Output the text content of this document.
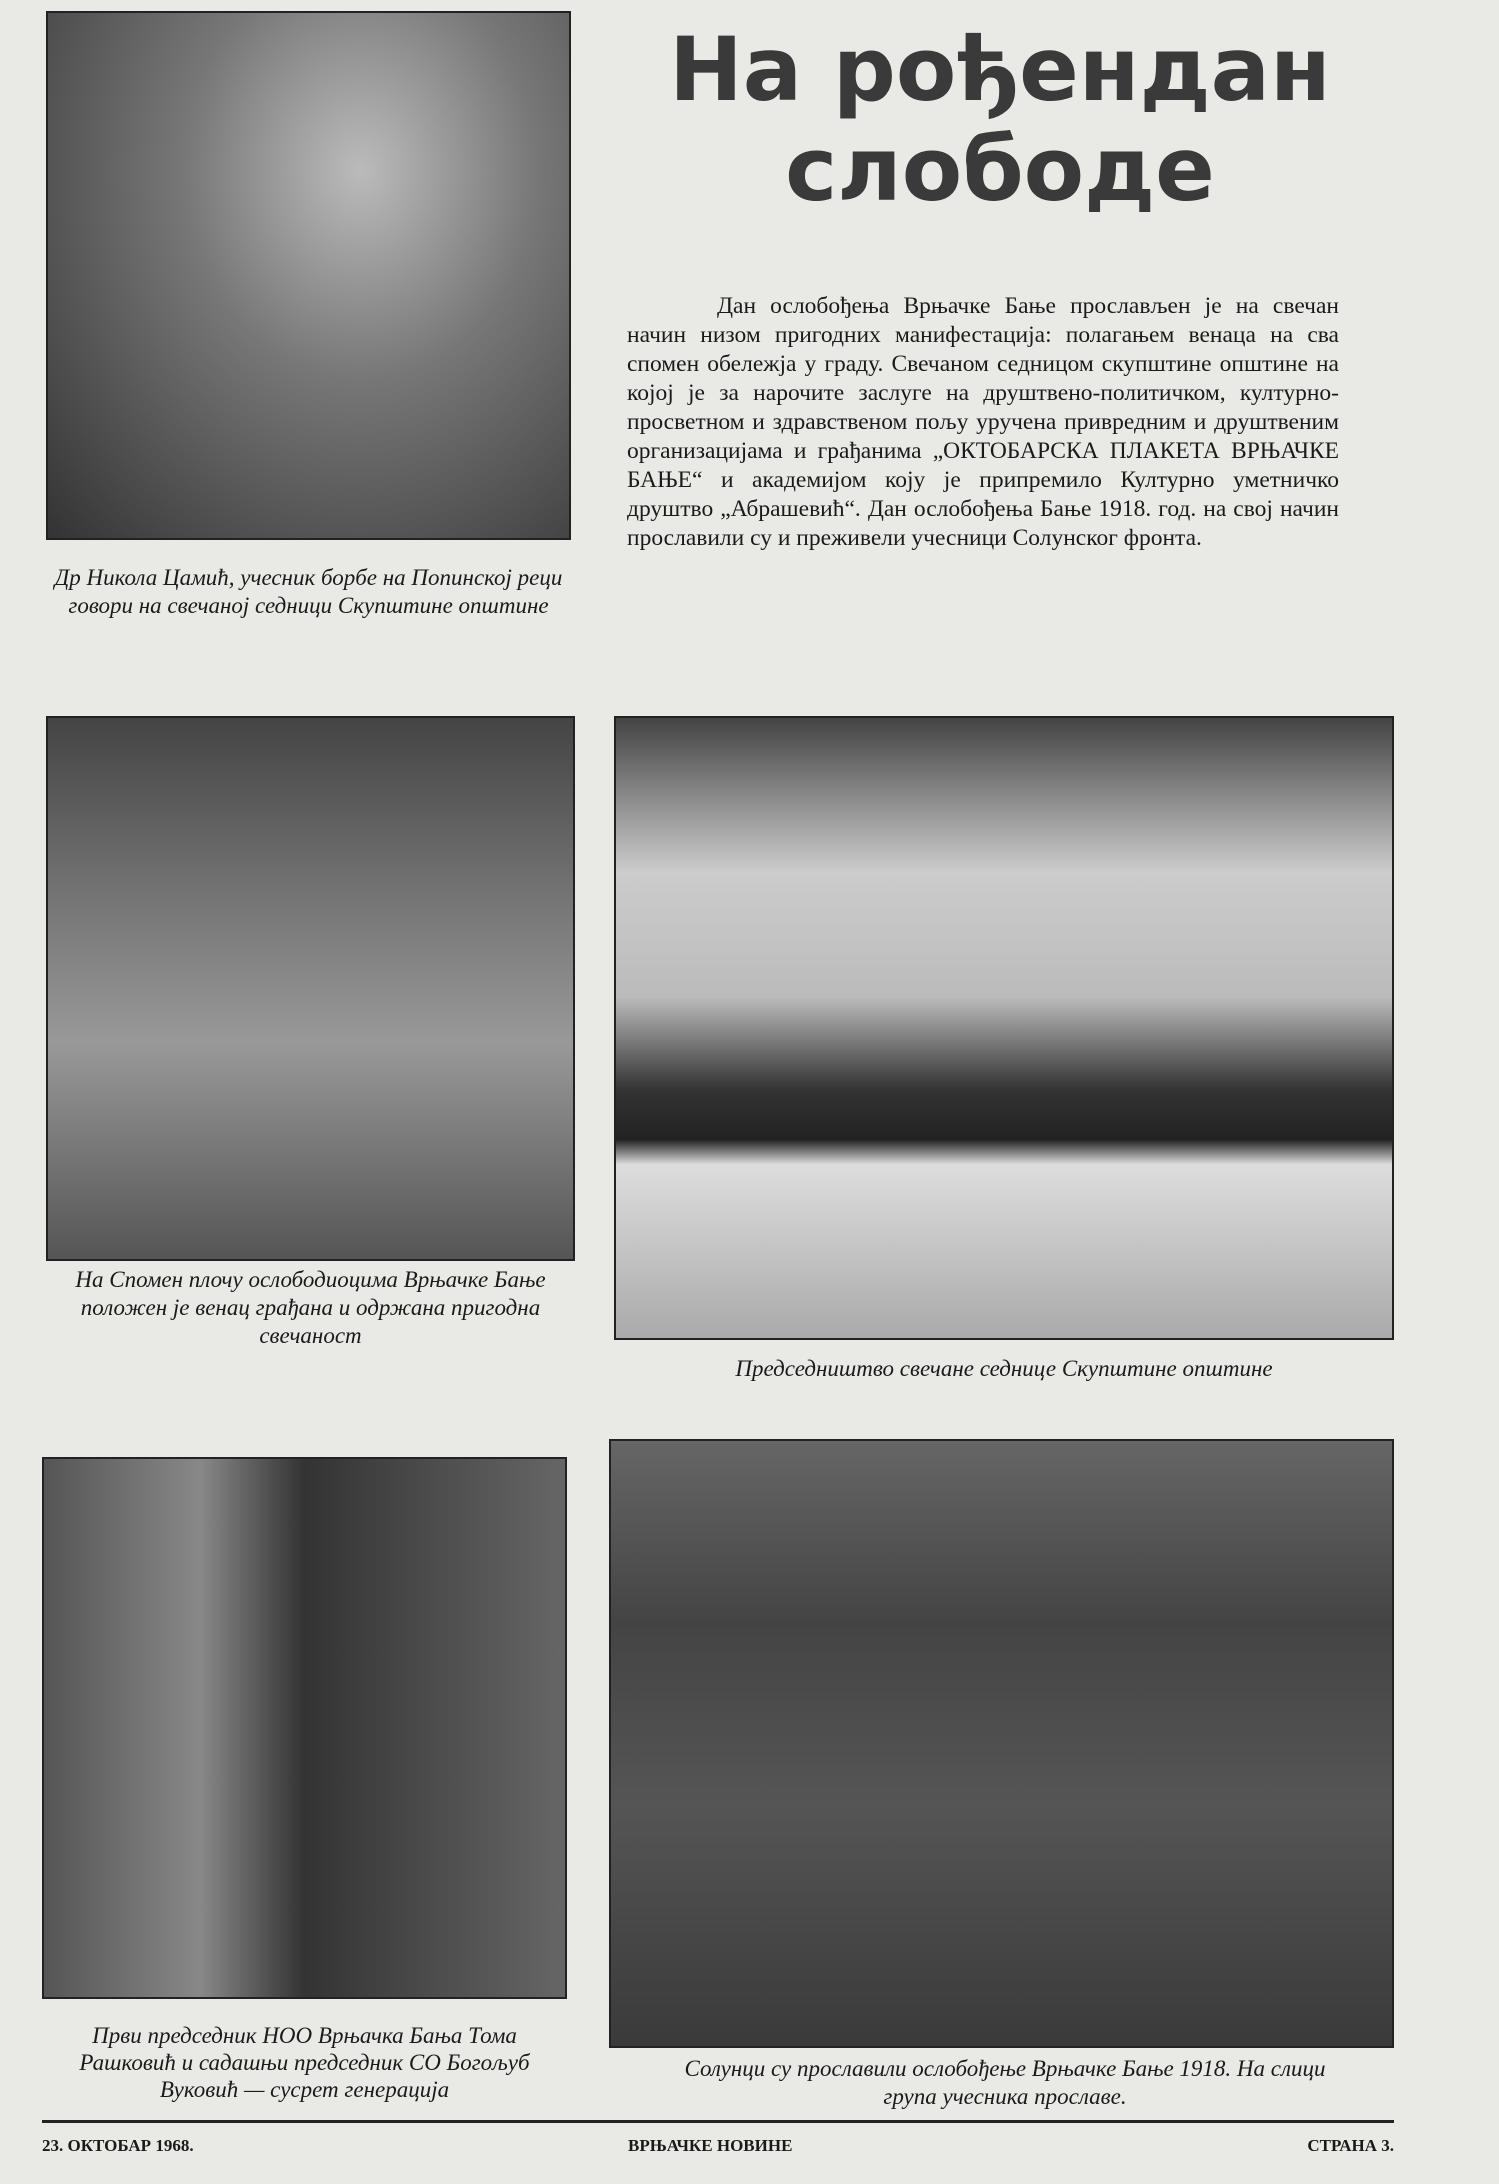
На рођендан
слободе
Дан ослобођења Врњачке Бање прослављен је на свечан начин низом пригодних манифестација: полагањем венаца на сва спомен обележја у граду. Свечаном седницом скупштине општине на којој је за нарочите заслуге на друштвено-политичком, културно-просветном и здравственом пољу уручена привредним и друштвеним организацијама и грађанима „ОКТОБАРСКА ПЛАКЕТА ВРЊАЧКЕ БАЊЕ“ и академијом коју је припремило Културно уметничко друштво „Абрашевић“. Дан ослобођења Бање 1918. год. на свој начин прославили су и преживели учесници Солунског фронта.
Др Никола Цамић, учесник борбе на Попинској реци говори на свечаној седници Скупштине општине
На Спомен плочу ослободиоцима Врњачке Бање положен је венац грађана и одржана пригодна свечаност
Председништво свечане седнице Скупштине општине
Први председник НОО Врњачка Бања Тома Рашковић и садашњи председник СО Богољуб Вуковић — сусрет генерација
Солунци су прославили ослобођење Врњачке Бање 1918. На слици група учесника прославе.
23. ОКТОБАР 1968.	ВРЊАЧКЕ НОВИНЕ	СТРАНА 3.
